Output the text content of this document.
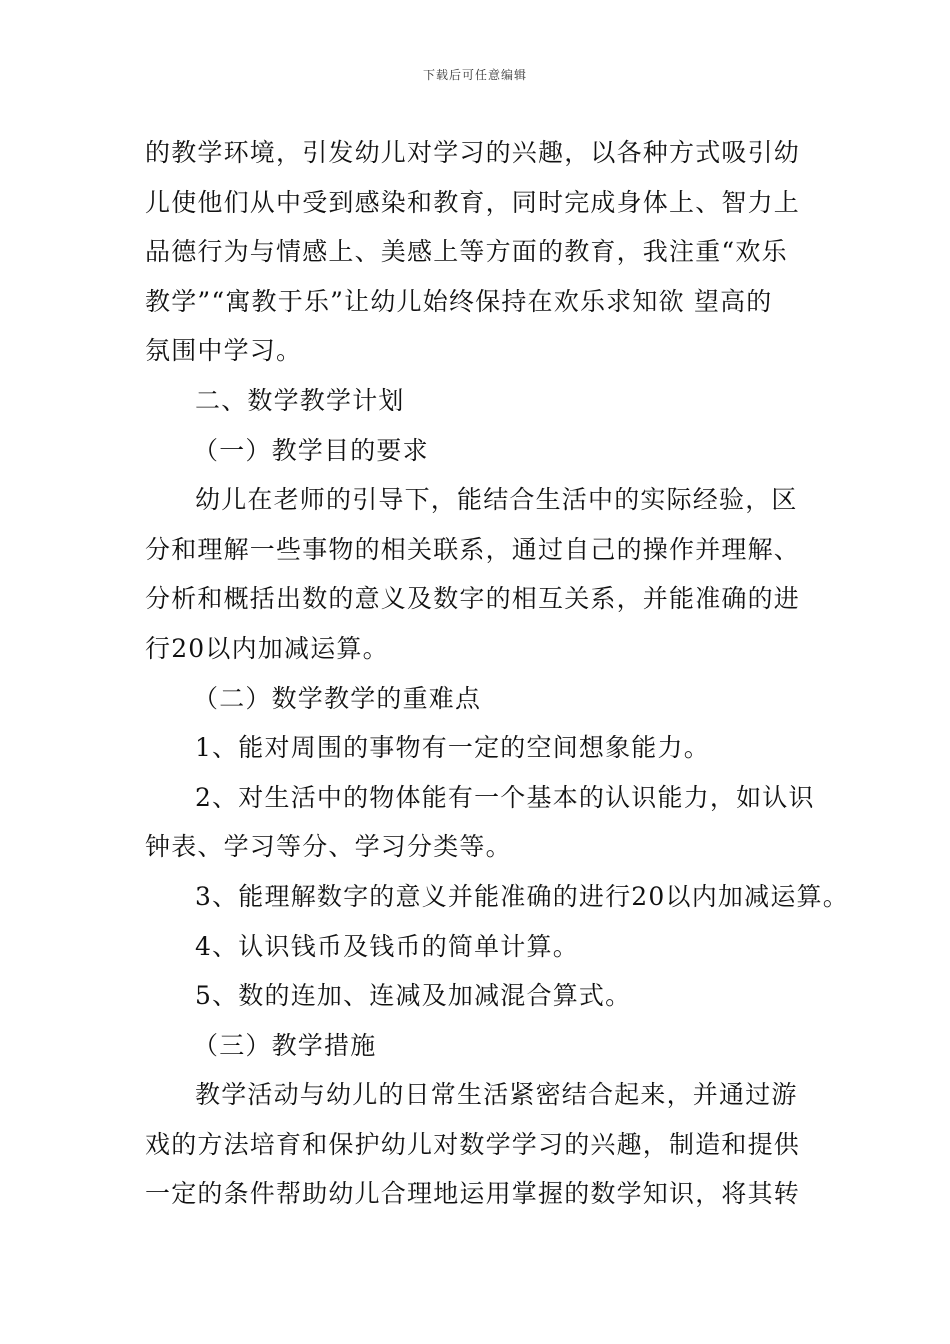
下载后可任意编辑
的教学环境，引发幼儿对学习的兴趣，以各种方式吸引幼
儿使他们从中受到感染和教育，同时完成身体上、智力上
品德行为与情感上、美感上等方面的教育，我注重“欢乐
教学”“寓教于乐”让幼儿始终保持在欢乐求知欲 望高的
氛围中学习。
二、数学教学计划
（一）教学目的要求
幼儿在老师的引导下，能结合生活中的实际经验，区
分和理解一些事物的相关联系，通过自己的操作并理解、
分析和概括出数的意义及数字的相互关系，并能准确的进
行20以内加减运算。
（二）数学教学的重难点
1、能对周围的事物有一定的空间想象能力。
2、对生活中的物体能有一个基本的认识能力，如认识
钟表、学习等分、学习分类等。
3、能理解数字的意义并能准确的进行20以内加减运算。
4、认识钱币及钱币的简单计算。
5、数的连加、连减及加减混合算式。
（三）教学措施
教学活动与幼儿的日常生活紧密结合起来，并通过游
戏的方法培育和保护幼儿对数学学习的兴趣，制造和提供
一定的条件帮助幼儿合理地运用掌握的数学知识，将其转
